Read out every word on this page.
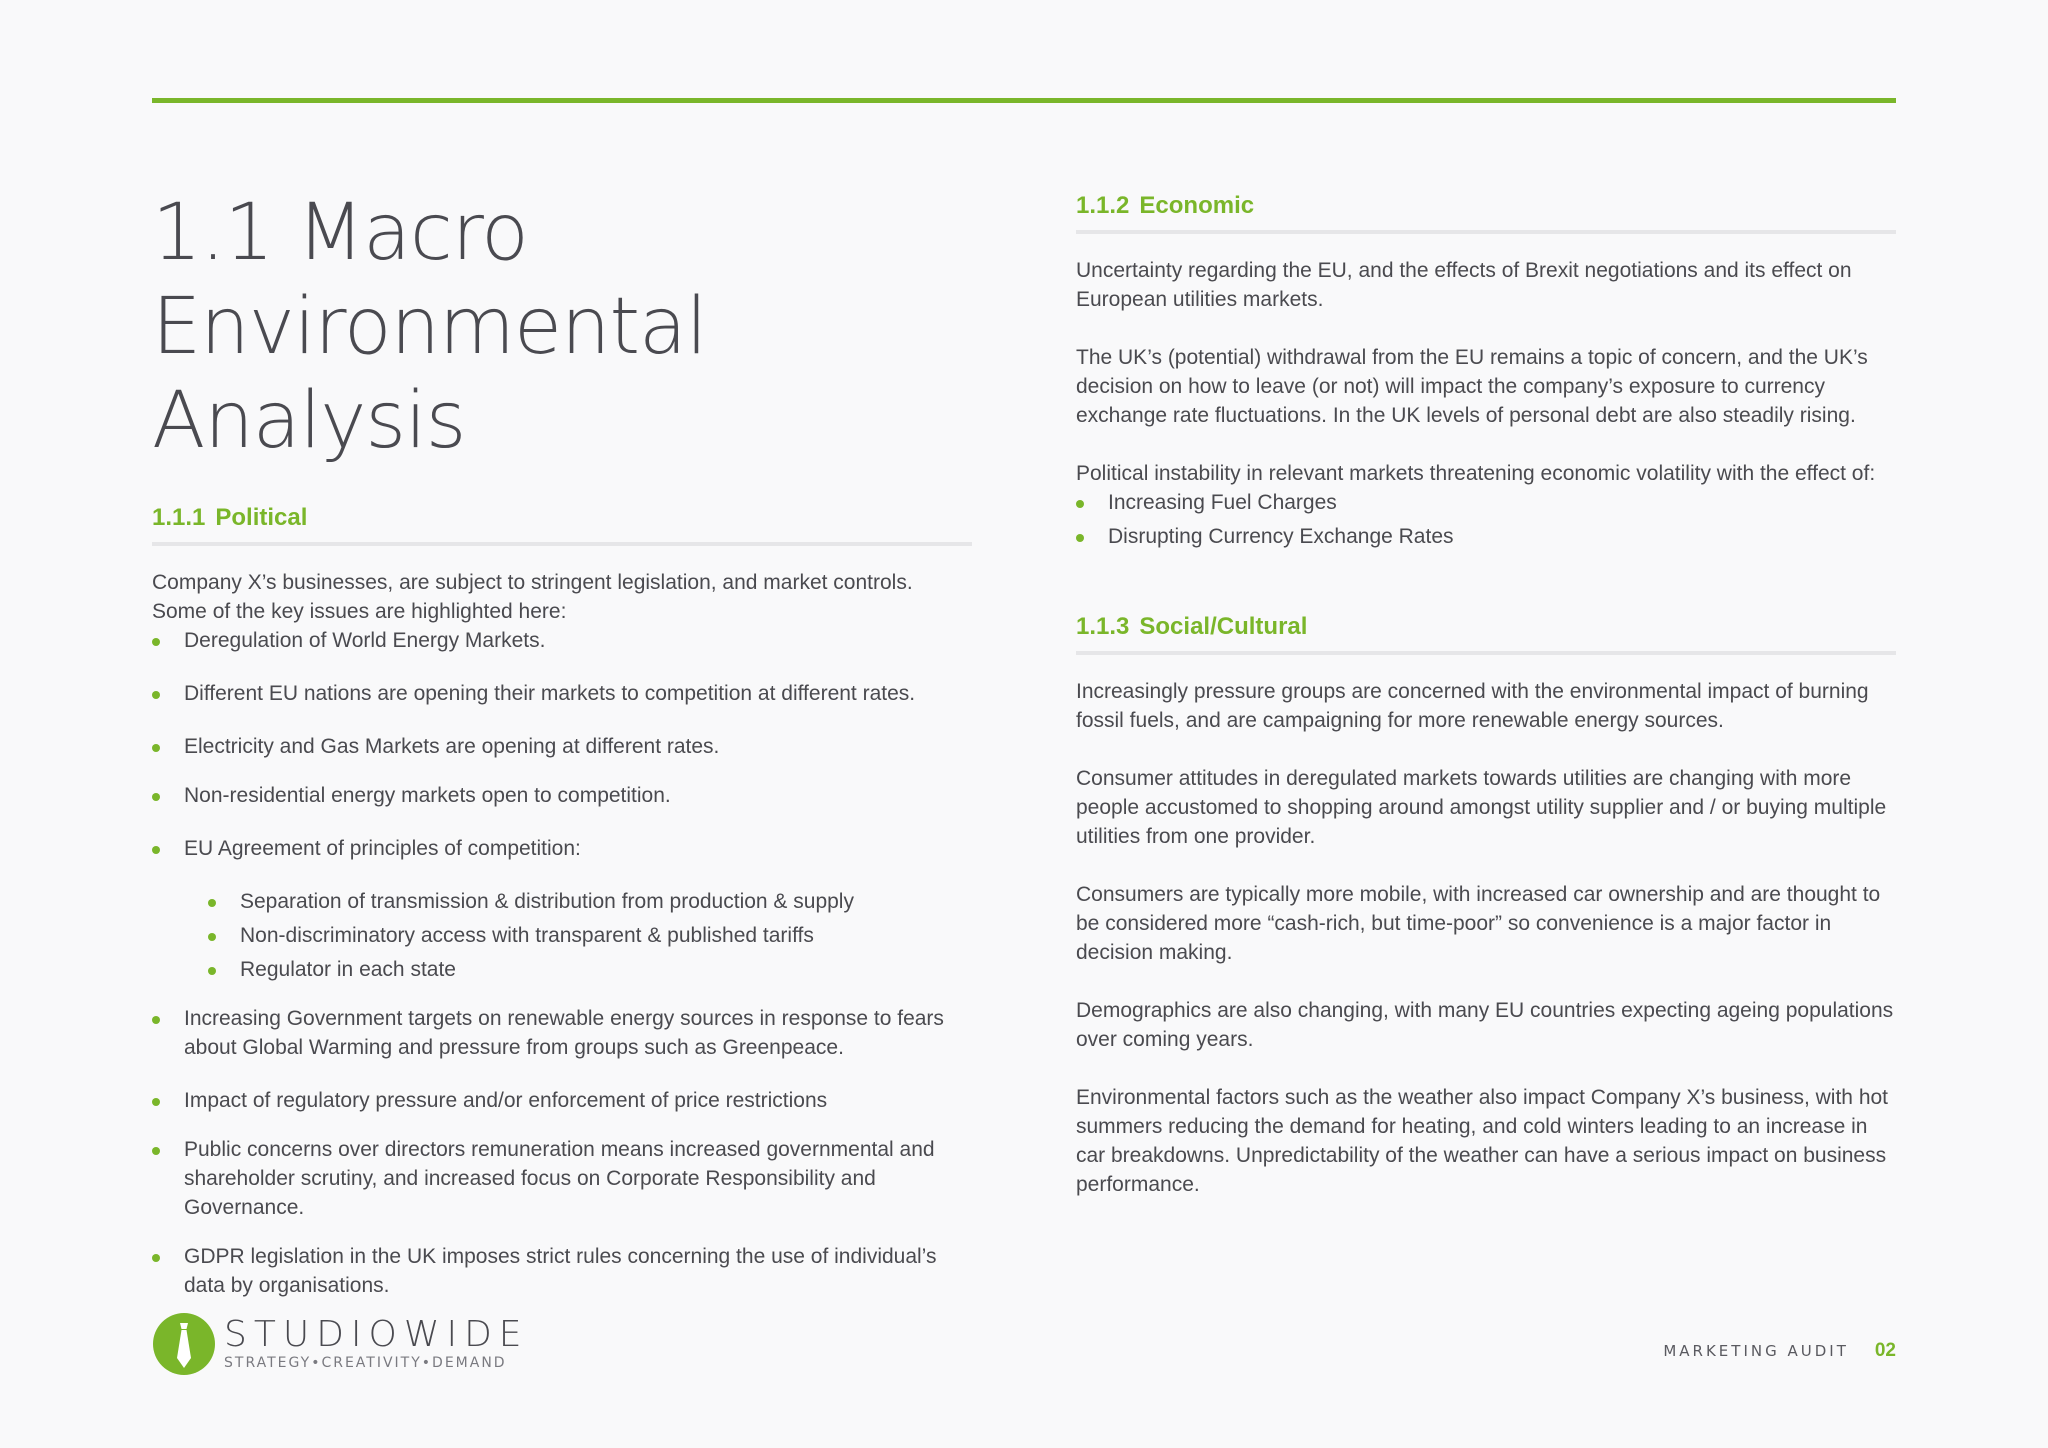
1.1 Macro
Environmental Analysis
1.1.1 Political

Company X’s businesses, are subject to stringent legislation, and market controls. Some of the key issues are highlighted here:

Deregulation of World Energy Markets.
Different EU nations are opening their markets to competition at different rates.
Electricity and Gas Markets are opening at different rates.
Non-residential energy markets open to competition.
EU Agreement of principles of competition:
Separation of transmission & distribution from production & supply
Non-discriminatory access with transparent & published tariffs
Regulator in each state
Increasing Government targets on renewable energy sources in response to fears about Global Warming and pressure from groups such as Greenpeace.
Impact of regulatory pressure and/or enforcement of price restrictions
Public concerns over directors remuneration means increased governmental and shareholder scrutiny, and increased focus on Corporate Responsibility and Governance.
GDPR legislation in the UK imposes strict rules concerning the use of individual’s data by organisations.
1.1.2 Economic

Uncertainty regarding the EU, and the effects of Brexit negotiations and its effect on European utilities markets.

The UK’s (potential) withdrawal from the EU remains a topic of concern, and the UK’s decision on how to leave (or not) will impact the company’s exposure to currency exchange rate fluctuations. In the UK levels of personal debt are also steadily rising.

Political instability in relevant markets threatening economic volatility with the effect of:

Increasing Fuel Charges
Disrupting Currency Exchange Rates
1.1.3 Social/Cultural

Increasingly pressure groups are concerned with the environmental impact of burning fossil fuels, and are campaigning for more renewable energy sources.

Consumer attitudes in deregulated markets towards utilities are changing with more people accustomed to shopping around amongst utility supplier and / or buying multiple utilities from one provider.

Consumers are typically more mobile, with increased car ownership and are thought to be considered more “cash-rich, but time-poor” so convenience is a major factor in decision making.

Demographics are also changing, with many EU countries expecting ageing populations over coming years.

Environmental factors such as the weather also impact Company X’s business, with hot summers reducing the demand for heating, and cold winters leading to an increase in car breakdowns. Unpredictability of the weather can have a serious impact on business performance.

STUDIOWIDE
STRATEGY•CREATIVITY•DEMAND
MARKETING AUDIT 02
